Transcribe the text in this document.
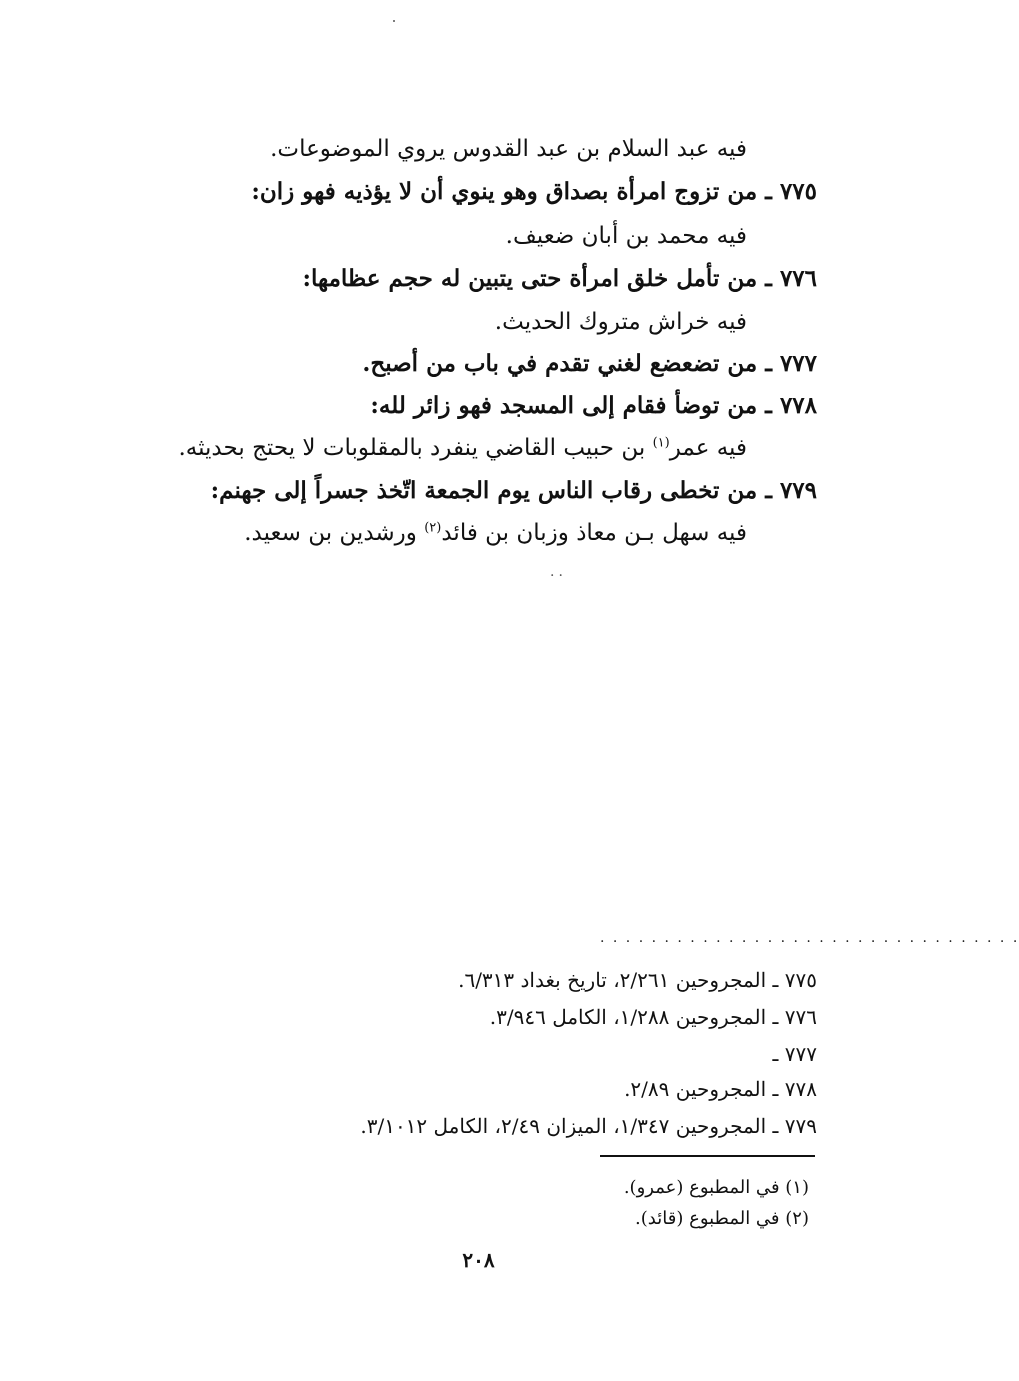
فيه عبد السلام بن عبد القدوس يروي الموضوعات.
٧٧٥ ـ من تزوج امرأة بصداق وهو ينوي أن لا يؤذيه فهو زان:
فيه محمد بن أبان ضعيف.
٧٧٦ ـ من تأمل خلق امرأة حتى يتبين له حجم عظامها:
فيه خراش متروك الحديث.
٧٧٧ ـ من تضعضع لغني تقدم في باب من أصبح.
٧٧٨ ـ من توضأ فقام إلى المسجد فهو زائر لله:
فيه عمر$^{(١)}$ بن حبيب القاضي ينفرد بالمقلوبات لا يحتج بحديثه.
٧٧٩ ـ من تخطى رقاب الناس يوم الجمعة اتّخذ جسراً إلى جهنم:
فيه سهل بـن معاذ وزبان بن فائد$^{(٢)}$ ورشدين بن سعيد.
··
. . . . . . . . . . . . . . . . . . . . . . . . . . . . . . . . .
٧٧٥ ـ المجروحين ٢/٢٦١، تاريخ بغداد ٦/٣١٣.
٧٧٦ ـ المجروحين ١/٢٨٨، الكامل ٣/٩٤٦.
٧٧٧ ـ
٧٧٨ ـ المجروحين ٢/٨٩.
٧٧٩ ـ المجروحين ١/٣٤٧، الميزان ٢/٤٩، الكامل ٣/١٠١٢.
(١) في المطبوع (عمرو).
(٢) في المطبوع (قائد).
٢٠٨
